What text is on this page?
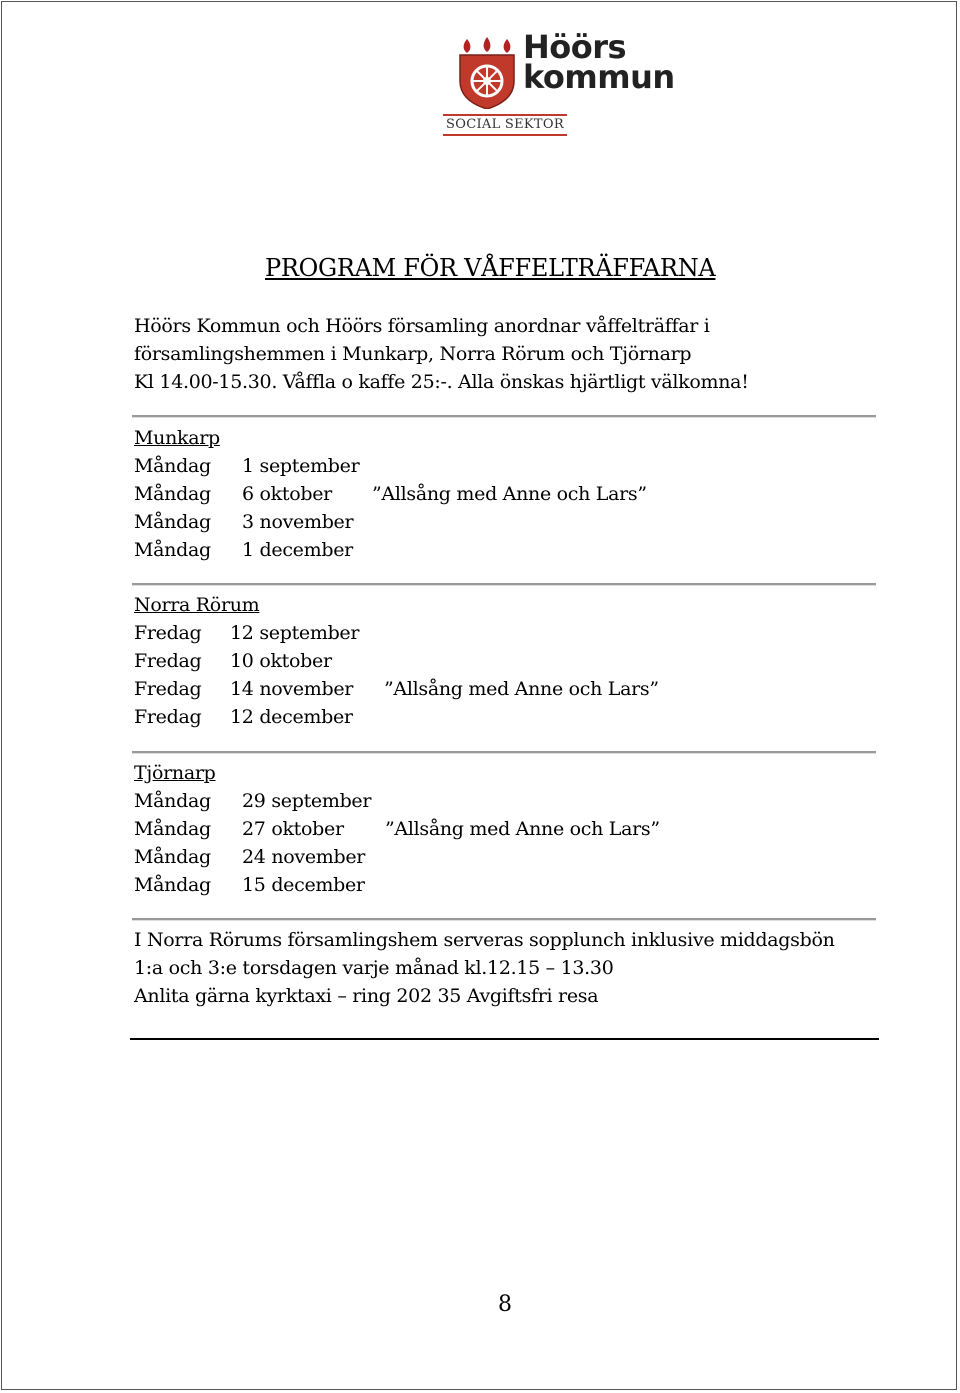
Höörs
kommun
SOCIAL SEKTOR
PROGRAM FÖR VÅFFELTRÄFFARNA
Höörs Kommun och Höörs församling anordnar våffelträffar i
församlingshemmen i Munkarp, Norra Rörum och Tjörnarp
Kl 14.00-15.30. Våffla o kaffe 25:-. Alla önskas hjärtligt välkomna!
Munkarp
Måndag 1 september
Måndag 6 oktober ”Allsång med Anne och Lars”
Måndag 3 november
Måndag 1 december
Norra Rörum
Fredag 12 september
Fredag 10 oktober
Fredag 14 november ”Allsång med Anne och Lars”
Fredag 12 december
Tjörnarp
Måndag 29 september
Måndag 27 oktober ”Allsång med Anne och Lars”
Måndag 24 november
Måndag 15 december
I Norra Rörums församlingshem serveras sopplunch inklusive middagsbön
1:a och 3:e torsdagen varje månad kl.12.15 – 13.30
Anlita gärna kyrktaxi – ring 202 35 Avgiftsfri resa
8
